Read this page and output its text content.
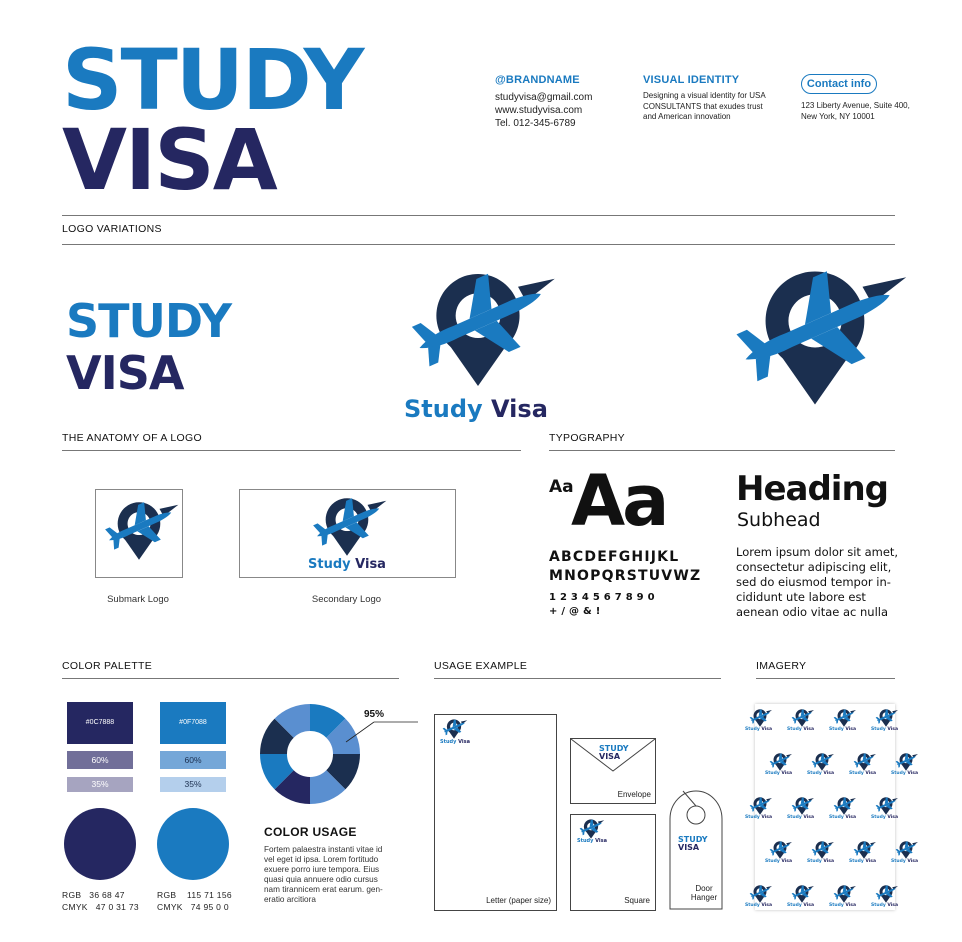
STUDY
VISA
@BRANDNAME
studyvisa@gmail.com
www.studyvisa.com
Tel. 012-345-6789
VISUAL IDENTITY
Designing a visual identity for USA
CONSULTANTS that exudes trust
and American innovation
Contact info
123 Liberty Avenue, Suite 400,
New York, NY 10001
LOGO VARIATIONS
STUDY
VISA
Study Visa
THE ANATOMY OF A LOGO
Submark Logo
Study Visa
Secondary Logo
TYPOGRAPHY
Aa
Aa
ABCDEFGHIJKL
MNOPQRSTUVWZ
1234567890
+/@&!
Heading
Subhead
Lorem ipsum dolor sit amet,
consectetur adipiscing elit,
sed do eiusmod tempor in-
cididunt ute labore est
aenean odio vitae ac nulla
COLOR PALETTE
#0C7888
60%
35%
RGB   36 68 47
CMYK   47 0 31 73
#0F7088
60%
35%
RGB    115 71 156
CMYK   74 95 0 0
95%
COLOR USAGE
Fortem palaestra instanti vitae id
vel eget id ipsa. Lorem fortitudo
exuere porro iure tempora. Eius
quasi quia annuere odio cursus
nam tirannicem erat earum. gen-
eratio arcitiora
USAGE EXAMPLE
Study Visa
Letter (paper size)
STUDY
VISA
Envelope
Study Visa
Square
STUDY
VISA
Door
Hanger
IMAGERY
Study Visa	Study Visa	Study Visa	Study Visa
Study Visa	Study Visa	Study Visa	Study Visa
Study Visa	Study Visa	Study Visa	Study Visa
Study Visa	Study Visa	Study Visa	Study Visa
Study Visa	Study Visa	Study Visa	Study Visa
